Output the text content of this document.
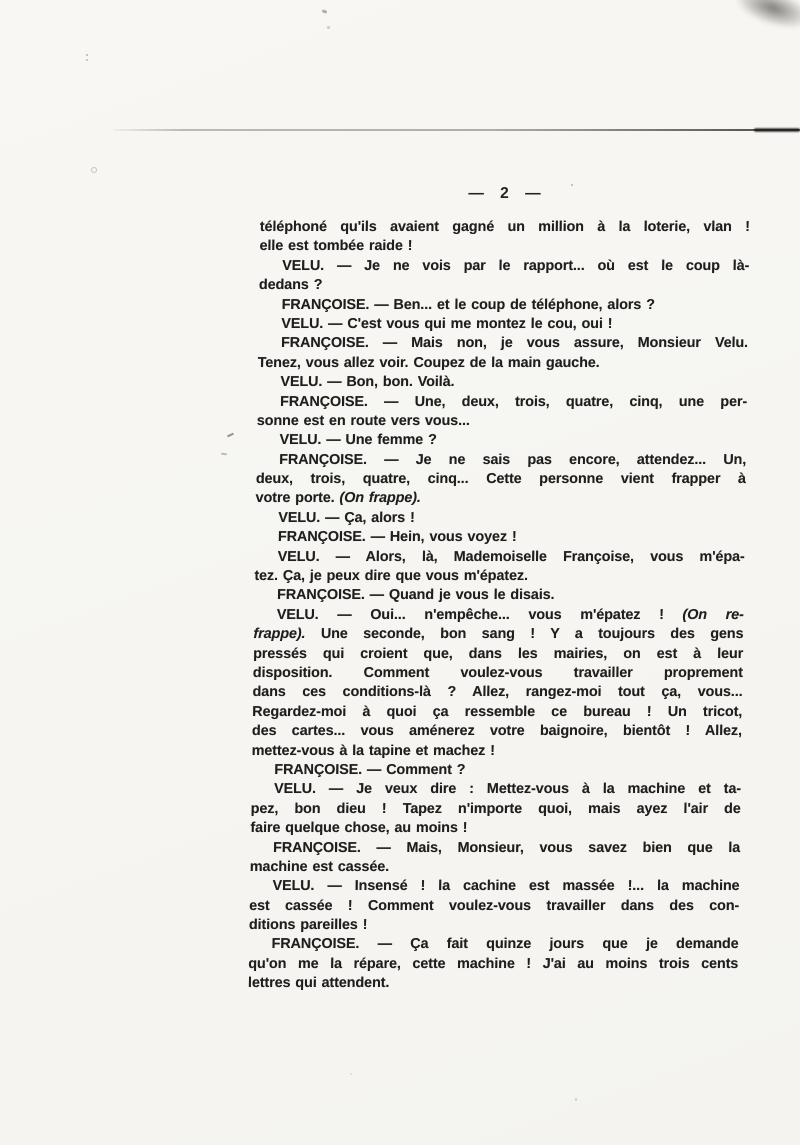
— 2 —
téléphoné qu'ils avaient gagné un million à la loterie, vlan !
elle est tombée raide !
VELU. — Je ne vois par le rapport... où est le coup là-
dedans ?
FRANÇOISE. — Ben... et le coup de téléphone, alors ?
VELU. — C'est vous qui me montez le cou, oui !
FRANÇOISE. — Mais non, je vous assure, Monsieur Velu.
Tenez, vous allez voir. Coupez de la main gauche.
VELU. — Bon, bon. Voilà.
FRANÇOISE. — Une, deux, trois, quatre, cinq, une per-
sonne est en route vers vous...
VELU. — Une femme ?
FRANÇOISE. — Je ne sais pas encore, attendez... Un,
deux, trois, quatre, cinq... Cette personne vient frapper à
votre porte. (On frappe).
VELU. — Ça, alors !
FRANÇOISE. — Hein, vous voyez !
VELU. — Alors, là, Mademoiselle Françoise, vous m'épa-
tez. Ça, je peux dire que vous m'épatez.
FRANÇOISE. — Quand je vous le disais.
VELU. — Oui... n'empêche... vous m'épatez ! (On re-
frappe). Une seconde, bon sang ! Y a toujours des gens
pressés qui croient que, dans les mairies, on est à leur
disposition. Comment voulez-vous travailler proprement
dans ces conditions-là ? Allez, rangez-moi tout ça, vous...
Regardez-moi à quoi ça ressemble ce bureau ! Un tricot,
des cartes... vous aménerez votre baignoire, bientôt ! Allez,
mettez-vous à la tapine et machez !
FRANÇOISE. — Comment ?
VELU. — Je veux dire : Mettez-vous à la machine et ta-
pez, bon dieu ! Tapez n'importe quoi, mais ayez l'air de
faire quelque chose, au moins !
FRANÇOISE. — Mais, Monsieur, vous savez bien que la
machine est cassée.
VELU. — Insensé ! la cachine est massée !... la machine
est cassée ! Comment voulez-vous travailler dans des con-
ditions pareilles !
FRANÇOISE. — Ça fait quinze jours que je demande
qu'on me la répare, cette machine ! J'ai au moins trois cents
lettres qui attendent.
